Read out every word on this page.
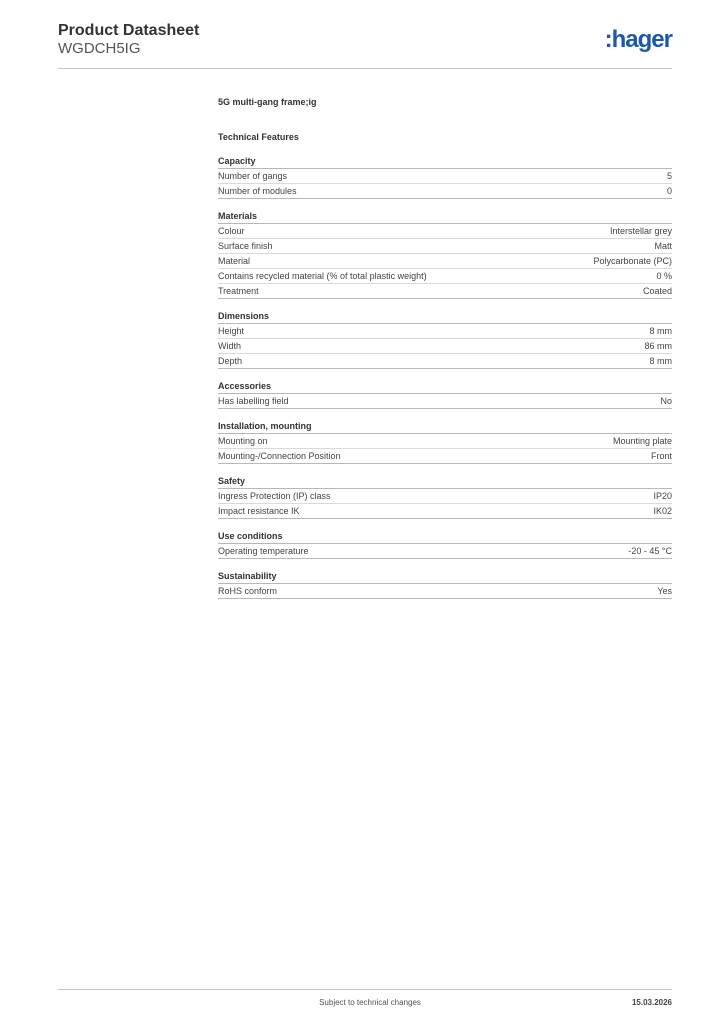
Product Datasheet
WGDCH5IG	:hager
5G multi-gang frame;ig
Technical Features
Capacity
Number of gangs	5
Number of modules	0
Materials
Colour	Interstellar grey
Surface finish	Matt
Material	Polycarbonate (PC)
Contains recycled material (% of total plastic weight)	0 %
Treatment	Coated
Dimensions
Height	8 mm
Width	86 mm
Depth	8 mm
Accessories
Has labelling field	No
Installation, mounting
Mounting on	Mounting plate
Mounting-/Connection Position	Front
Safety
Ingress Protection (IP) class	IP20
Impact resistance IK	IK02
Use conditions
Operating temperature	-20 - 45 °C
Sustainability
RoHS conform	Yes
Subject to technical changes	15.03.2026
